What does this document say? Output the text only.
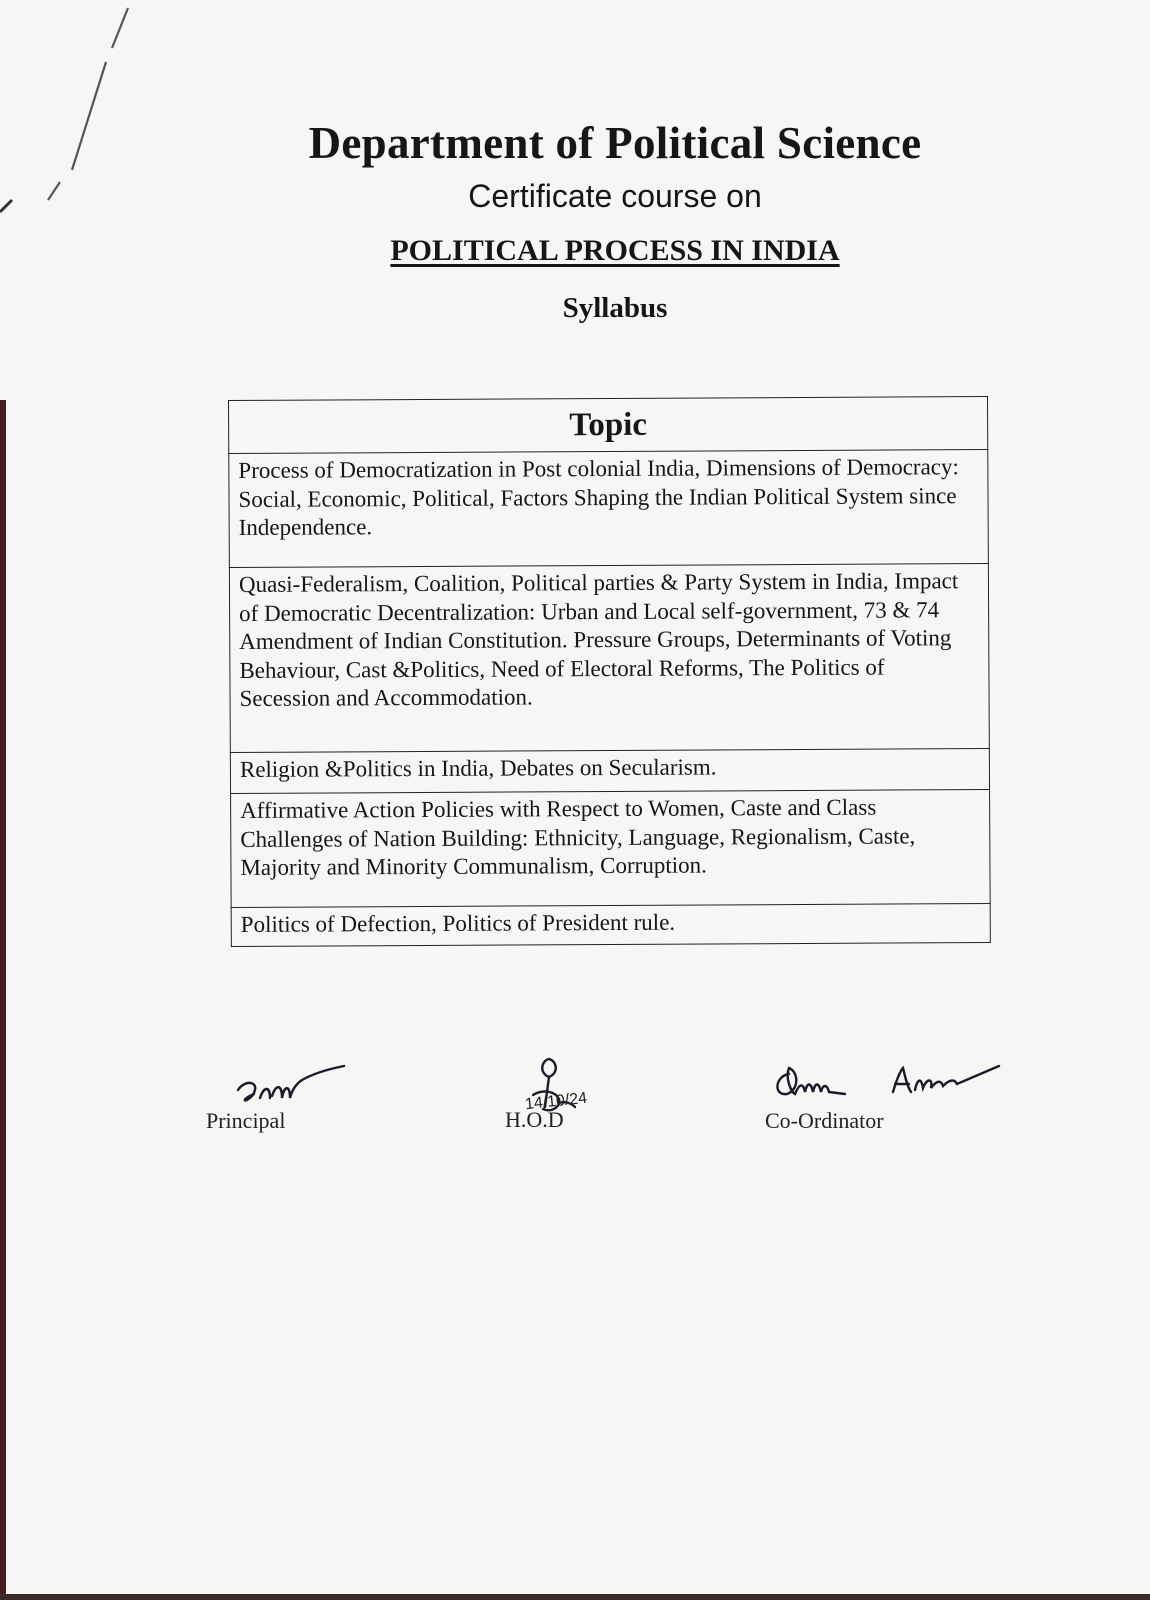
Department of Political Science
Certificate course on
POLITICAL PROCESS IN INDIA
Syllabus
Topic
Process of Democratization in Post colonial India, Dimensions of Democracy: Social, Economic, Political, Factors Shaping the Indian Political System since Independence.
Quasi-Federalism, Coalition, Political parties & Party System in India, Impact of Democratic Decentralization: Urban and Local self-government, 73 & 74 Amendment of Indian Constitution. Pressure Groups, Determinants of Voting Behaviour, Cast &Politics, Need of Electoral Reforms, The Politics of Secession and Accommodation.
Religion &Politics in India, Debates on Secularism.
Affirmative Action Policies with Respect to Women, Caste and Class Challenges of Nation Building: Ethnicity, Language, Regionalism, Caste, Majority and Minority Communalism, Corruption.
Politics of Defection, Politics of President rule.
Principal
14/10/24
H.O.D	Co-Ordinator
